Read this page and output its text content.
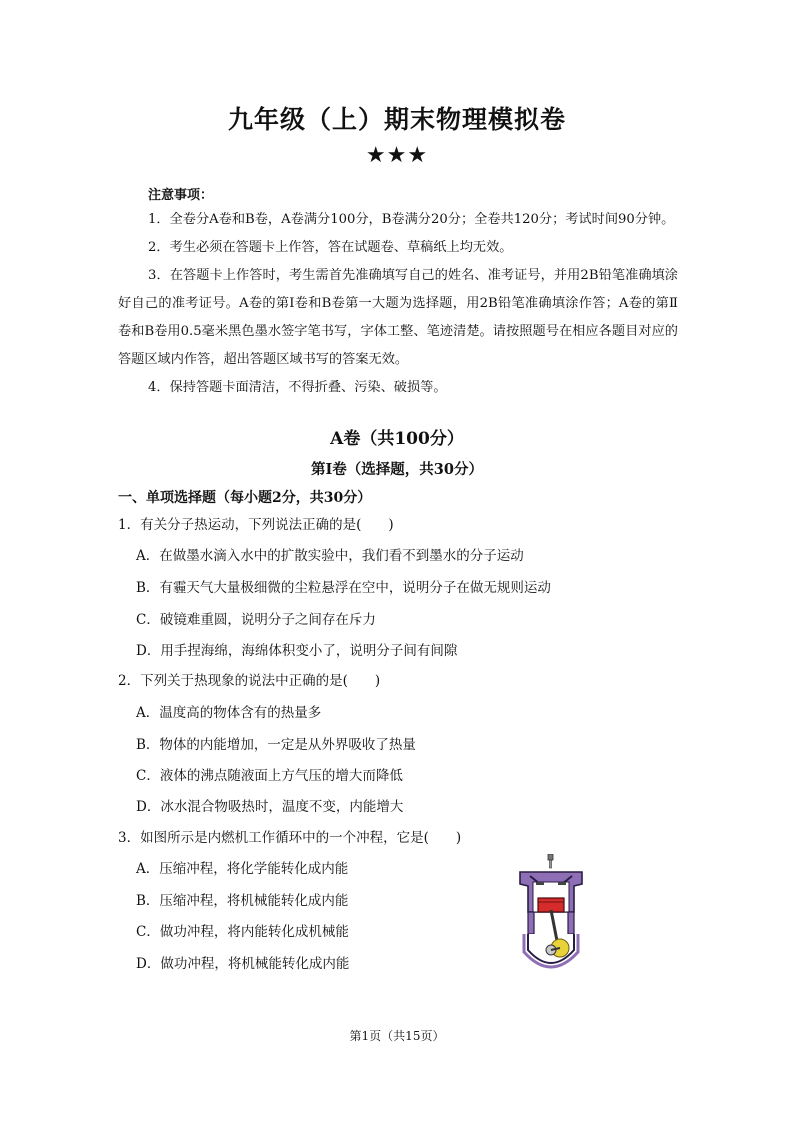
九年级（上）期末物理模拟卷
★★★
注意事项：

1．全卷分A卷和B卷，A卷满分100分，B卷满分20分；全卷共120分；考试时间90分钟。

2．考生必须在答题卡上作答，答在试题卷、草稿纸上均无效。

3．在答题卡上作答时，考生需首先准确填写自己的姓名、准考证号，并用2B铅笔准确填涂好自己的准考证号。A卷的第Ⅰ卷和B卷第一大题为选择题，用2B铅笔准确填涂作答；A卷的第Ⅱ卷和B卷用0.5毫米黑色墨水签字笔书写，字体工整、笔迹清楚。请按照题号在相应各题目对应的答题区域内作答，超出答题区域书写的答案无效。

4．保持答题卡面清洁，不得折叠、污染、破损等。

A卷（共100分）
第Ⅰ卷（选择题，共30分）
一、单项选择题（每小题2分，共30分）
1．有关分子热运动，下列说法正确的是(　　)
A．在做墨水滴入水中的扩散实验中，我们看不到墨水的分子运动
B．有霾天气大量极细微的尘粒悬浮在空中，说明分子在做无规则运动
C．破镜难重圆，说明分子之间存在斥力
D．用手捏海绵，海绵体积变小了，说明分子间有间隙
2．下列关于热现象的说法中正确的是(　　)
A．温度高的物体含有的热量多
B．物体的内能增加，一定是从外界吸收了热量
C．液体的沸点随液面上方气压的增大而降低
D．冰水混合物吸热时，温度不变，内能增大
3．如图所示是内燃机工作循环中的一个冲程，它是(　　)
A．压缩冲程，将化学能转化成内能
B．压缩冲程，将机械能转化成内能
C．做功冲程，将内能转化成机械能
D．做功冲程，将机械能转化成内能
第1页（共15页）
